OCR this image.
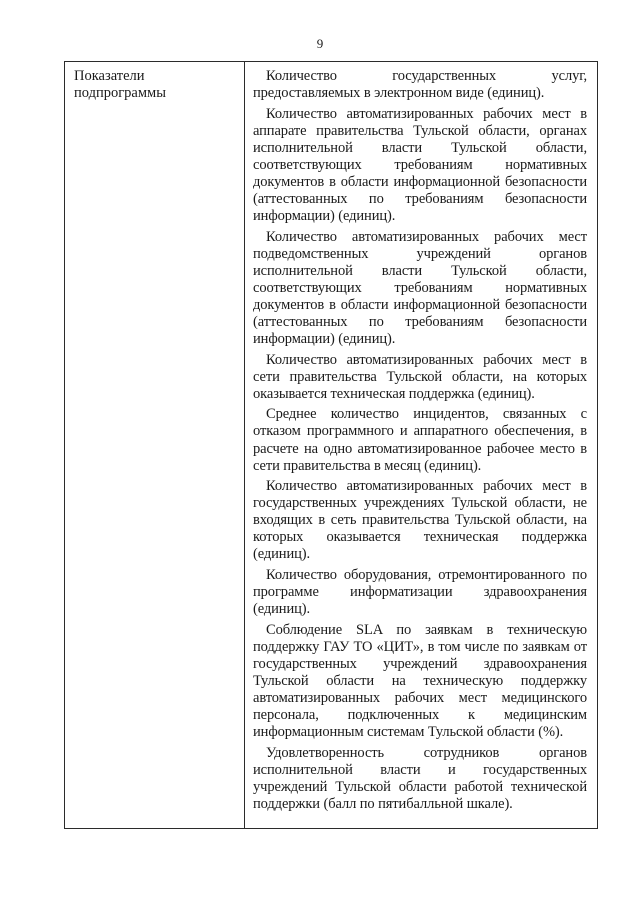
9
Показатели подпрограммы

Количество государственных услуг, предоставляемых в электронном виде (единиц).

Количество автоматизированных рабочих мест в аппарате правительства Тульской области, органах исполнительной власти Тульской области, соответствующих требованиям нормативных документов в области информационной безопасности (аттестованных по требованиям безопасности информации) (единиц).

Количество автоматизированных рабочих мест подведомственных учреждений органов исполнительной власти Тульской области, соответствующих требованиям нормативных документов в области информационной безопасности (аттестованных по требованиям безопасности информации) (единиц).

Количество автоматизированных рабочих мест в сети правительства Тульской области, на которых оказывается техническая поддержка (единиц).

Среднее количество инцидентов, связанных с отказом программного и аппаратного обеспечения, в расчете на одно автоматизированное рабочее место в сети правительства в месяц (единиц).

Количество автоматизированных рабочих мест в государственных учреждениях Тульской области, не входящих в сеть правительства Тульской области, на которых оказывается техническая поддержка (единиц).

Количество оборудования, отремонтированного по программе информатизации здравоохранения (единиц).

Соблюдение SLA по заявкам в техническую поддержку ГАУ ТО «ЦИТ», в том числе по заявкам от государственных учреждений здравоохранения Тульской области на техническую поддержку автоматизированных рабочих мест медицинского персонала, подключенных к медицинским информационным системам Тульской области (%).

Удовлетворенность сотрудников органов исполнительной власти и государственных учреждений Тульской области работой технической поддержки (балл по пятибалльной шкале).
